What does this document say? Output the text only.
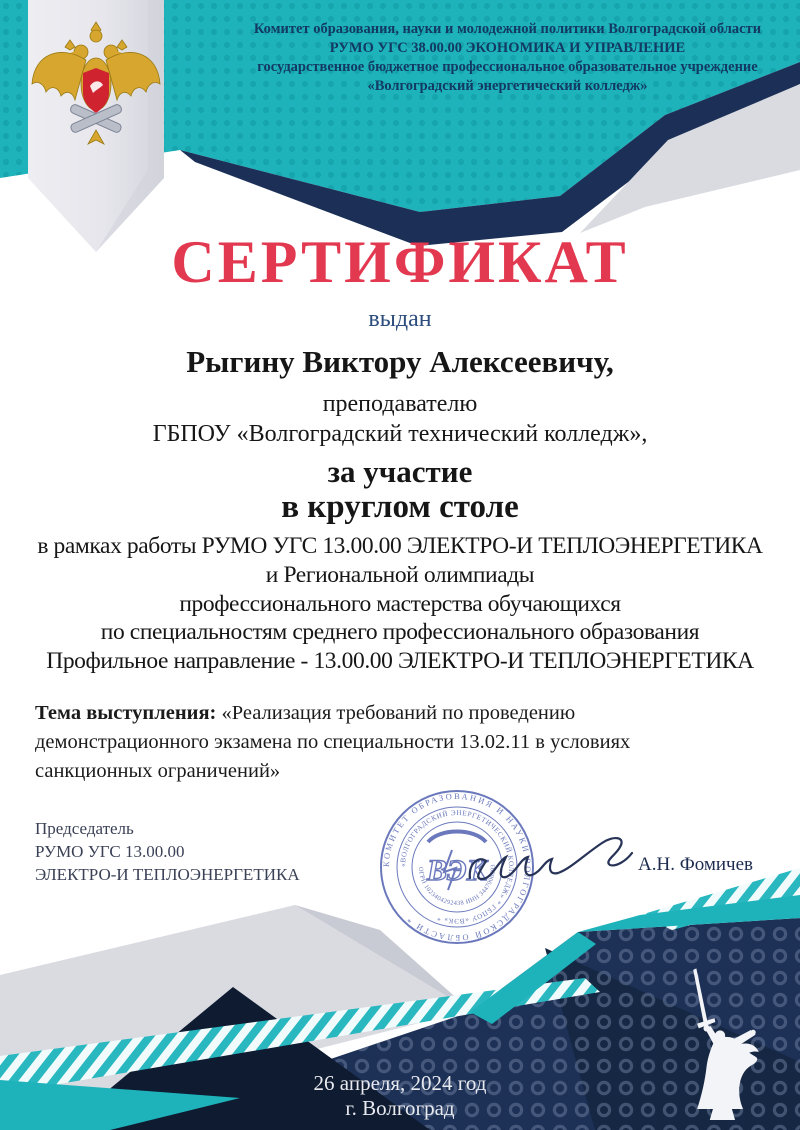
КОМИТЕТ ОБРАЗОВАНИЯ И НАУКИ ВОЛГОГРАДСКОЙ ОБЛАСТИ *
«ВОЛГОГРАДСКИЙ ЭНЕРГЕТИЧЕСКИЙ КОЛЛЕДЖ» * ГБПОУ «ВЭК» *
ОГРН 1023404292438 ИНН 3447006893
ВЭК
Комитет образования, науки и молодежной политики Волгоградской области
РУМО УГС 38.00.00 ЭКОНОМИКА И УПРАВЛЕНИЕ
государственное бюджетное профессиональное образовательное учреждение
«Волгоградский энергетический колледж»
СЕРТИФИКАТ
выдан
Рыгину Виктору Алексеевичу,
преподавателю
ГБПОУ «Волгоградский технический колледж»,
за участие
в круглом столе
в рамках работы РУМО УГС 13.00.00 ЭЛЕКТРО-И ТЕПЛОЭНЕРГЕТИКА
и Региональной олимпиады
профессионального мастерства обучающихся
по специальностям среднего профессионального образования
Профильное направление - 13.00.00 ЭЛЕКТРО-И ТЕПЛОЭНЕРГЕТИКА
Тема выступления: «Реализация требований по проведению демонстрационного экзамена по специальности 13.02.11 в условиях санкционных ограничений»
Председатель
РУМО УГС 13.00.00
ЭЛЕКТРО-И ТЕПЛОЭНЕРГЕТИКА	А.Н. Фомичев
26 апреля, 2024 год
г. Волгоград
